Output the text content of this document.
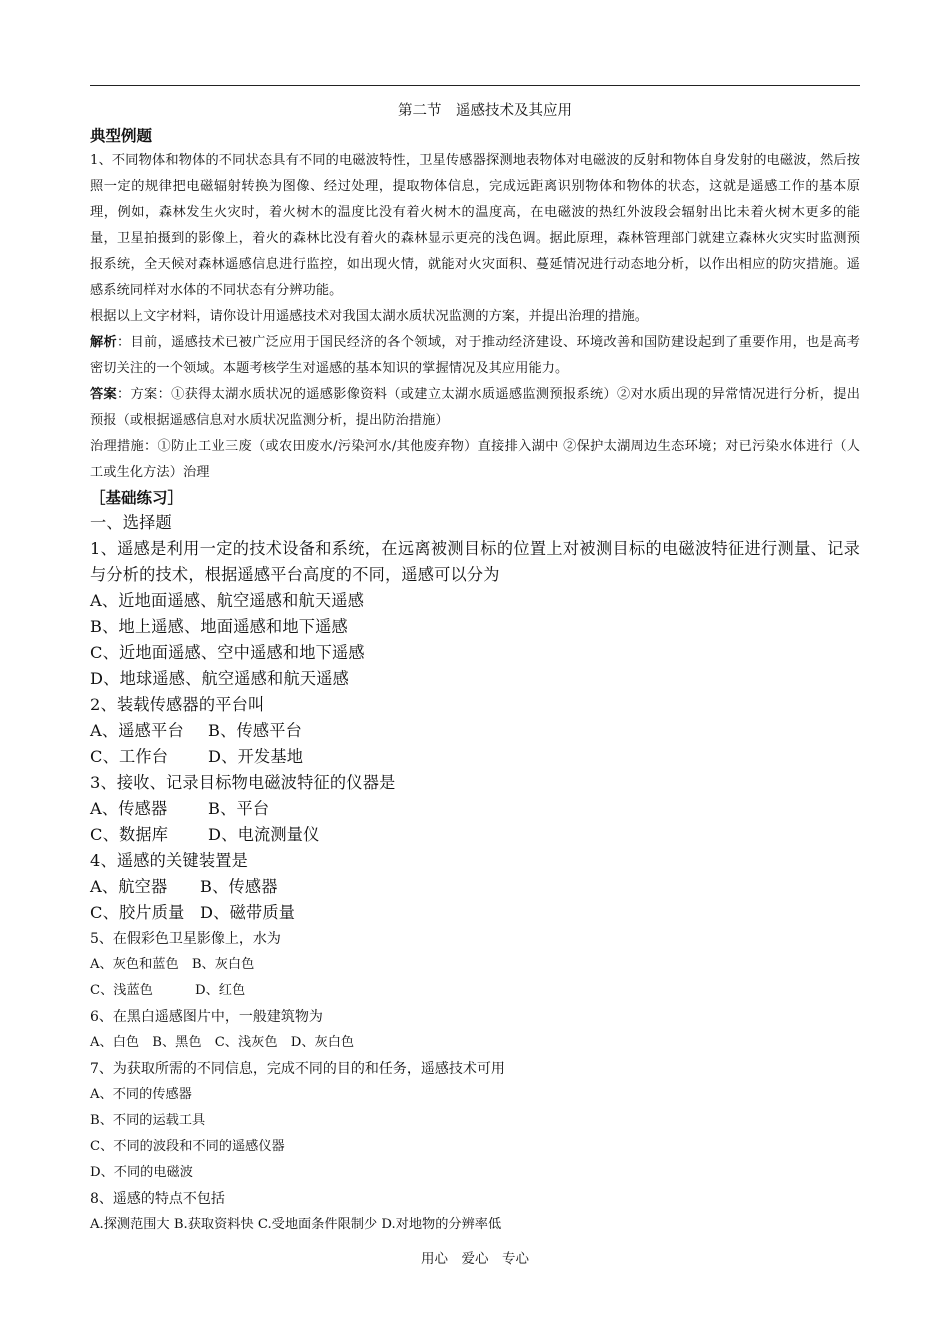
第二节　遥感技术及其应用
典型例题
1、不同物体和物体的不同状态具有不同的电磁波特性，卫星传感器探测地表物体对电磁波的反射和物体自身发射的电磁波，然后按照一定的规律把电磁辐射转换为图像、经过处理，提取物体信息，完成远距离识别物体和物体的状态，这就是遥感工作的基本原理，例如，森林发生火灾时，着火树木的温度比没有着火树木的温度高，在电磁波的热红外波段会辐射出比未着火树木更多的能量，卫星拍摄到的影像上，着火的森林比没有着火的森林显示更亮的浅色调。据此原理，森林管理部门就建立森林火灾实时监测预报系统，全天候对森林遥感信息进行监控，如出现火情，就能对火灾面积、蔓延情况进行动态地分析，以作出相应的防灾措施。遥感系统同样对水体的不同状态有分辨功能。
根据以上文字材料，请你设计用遥感技术对我国太湖水质状况监测的方案，并提出治理的措施。
解析：目前，遥感技术已被广泛应用于国民经济的各个领域，对于推动经济建设、环境改善和国防建设起到了重要作用，也是高考密切关注的一个领域。本题考核学生对遥感的基本知识的掌握情况及其应用能力。
答案：方案：①获得太湖水质状况的遥感影像资料（或建立太湖水质遥感监测预报系统）②对水质出现的异常情况进行分析，提出预报（或根据遥感信息对水质状况监测分析，提出防治措施）
治理措施：①防止工业三废（或农田废水/污染河水/其他废弃物）直接排入湖中 ②保护太湖周边生态环境；对已污染水体进行（人工或生化方法）治理
［基础练习］
一、选择题
1、遥感是利用一定的技术设备和系统，在远离被测目标的位置上对被测目标的电磁波特征进行测量、记录与分析的技术，根据遥感平台高度的不同，遥感可以分为
A、近地面遥感、航空遥感和航天遥感
B、地上遥感、地面遥感和地下遥感
C、近地面遥感、空中遥感和地下遥感
D、地球遥感、航空遥感和航天遥感
2、装载传感器的平台叫
A、遥感平台 B、传感平台
C、工作台 D、开发基地
3、接收、记录目标物电磁波特征的仪器是
A、传感器	B、平台
C、数据库 D、电流测量仪
4、遥感的关键装置是
A、航空器 B、传感器
C、胶片质量 D、磁带质量
5、在假彩色卫星影像上，水为
A、灰色和蓝色　B、灰白色
C、浅蓝色	D、红色
6、在黑白遥感图片中，一般建筑物为
A、白色　B、黑色　C、浅灰色　D、灰白色
7、为获取所需的不同信息，完成不同的目的和任务，遥感技术可用
A、不同的传感器
B、不同的运载工具
C、不同的波段和不同的遥感仪器
D、不同的电磁波
8、遥感的特点不包括
A.探测范围大 B.获取资料快 C.受地面条件限制少 D.对地物的分辨率低
用心　爱心　专心
